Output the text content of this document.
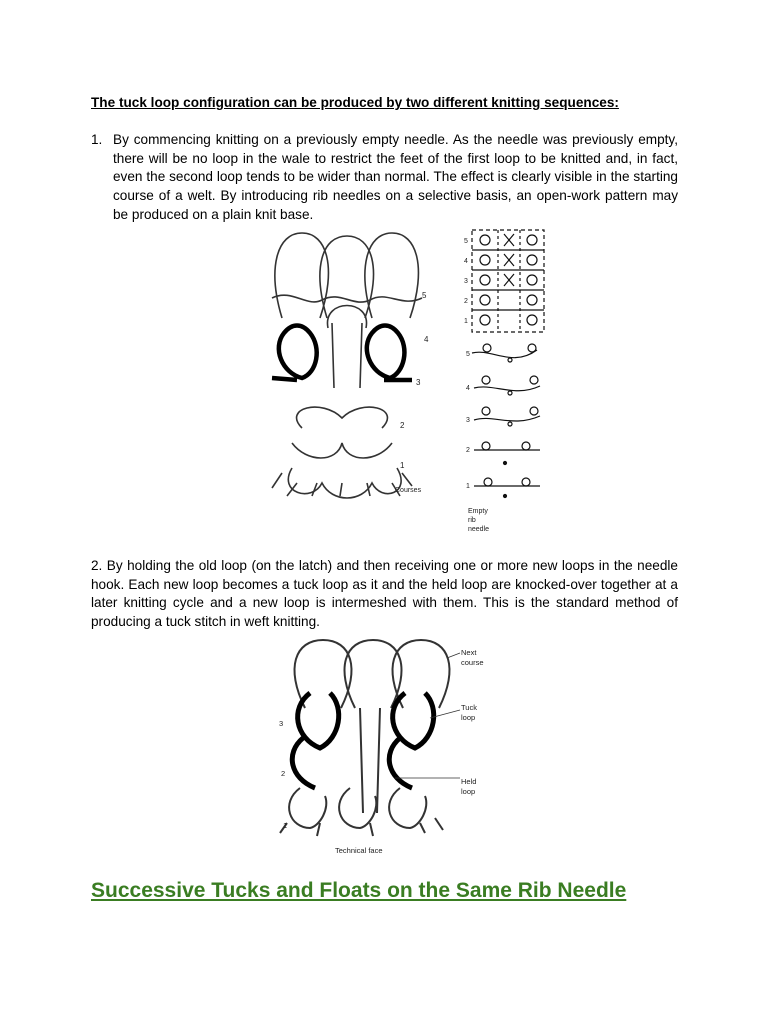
The tuck loop configuration can be produced by two different knitting sequences:
1. By commencing knitting on a previously empty needle. As the needle was previously empty, there will be no loop in the wale to restrict the feet of the first loop to be knitted and, in fact, even the second loop tends to be wider than normal. The effect is clearly visible in the starting course of a welt. By introducing rib needles on a selective basis, an open-work pattern may be produced on a plain knit base.
5
4
3
2
1
Courses
5
4
3
2
1
5
4
3
2
1
Empty
rib
needle
2. By holding the old loop (on the latch) and then receiving one or more new loops in the needle hook. Each new loop becomes a tuck loop as it and the held loop are knocked-over together at a later knitting cycle and a new loop is intermeshed with them. This is the standard method of producing a tuck stitch in weft knitting.
3
2
1
Next
course
Tuck
loop
Held
loop
Technical face
Successive Tucks and Floats on the Same Rib Needle
